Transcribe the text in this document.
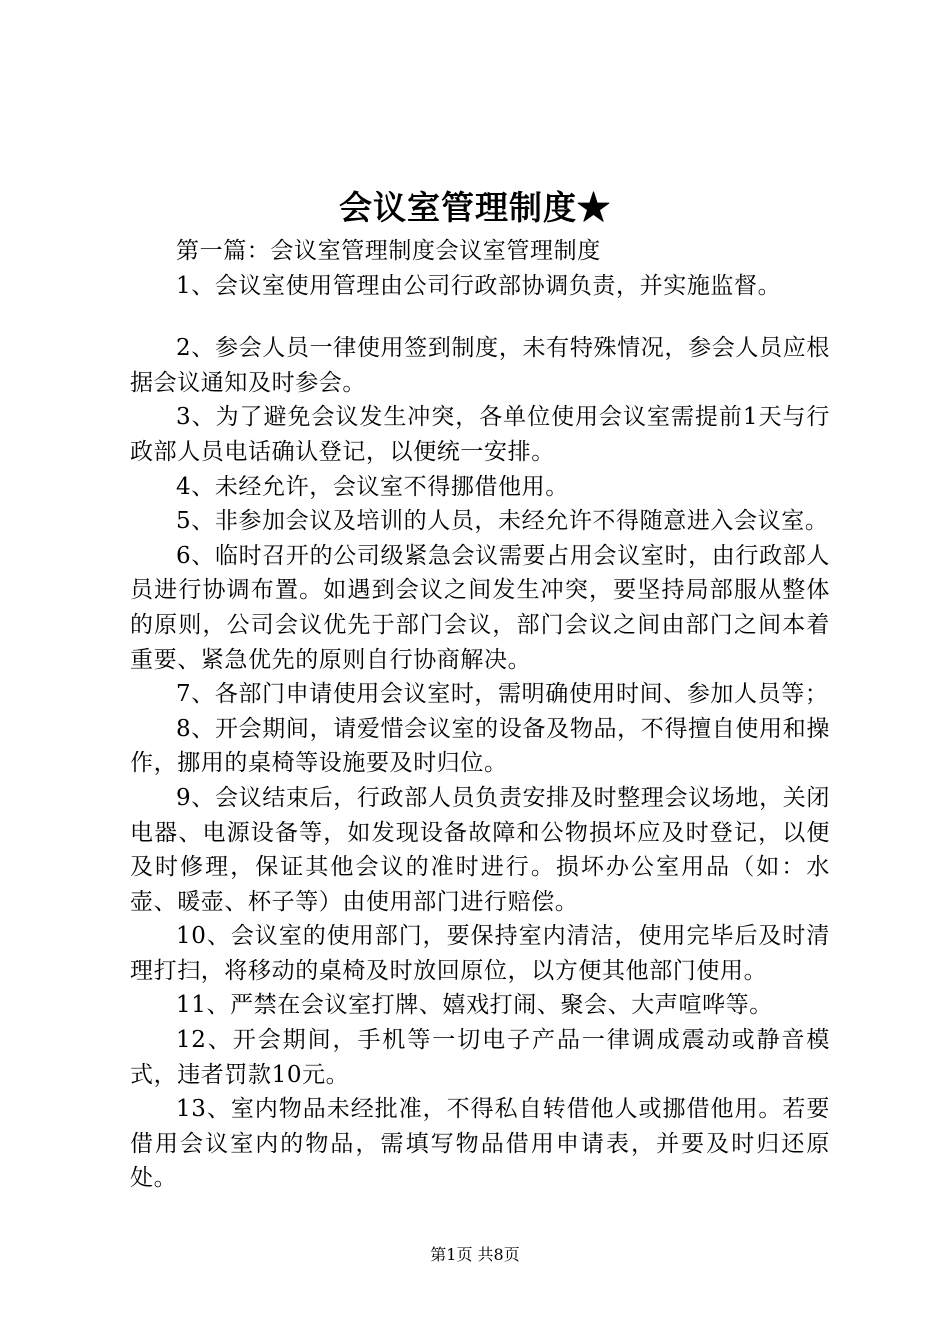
会议室管理制度★

第一篇：会议室管理制度会议室管理制度

1、会议室使用管理由公司行政部协调负责，并实施监督。

2、参会人员一律使用签到制度，未有特殊情况，参会人员应根据会议通知及时参会。

3、为了避免会议发生冲突，各单位使用会议室需提前1天与行政部人员电话确认登记，以便统一安排。

4、未经允许，会议室不得挪借他用。

5、非参加会议及培训的人员，未经允许不得随意进入会议室。

6、临时召开的公司级紧急会议需要占用会议室时，由行政部人员进行协调布置。如遇到会议之间发生冲突，要坚持局部服从整体的原则，公司会议优先于部门会议，部门会议之间由部门之间本着重要、紧急优先的原则自行协商解决。

7、各部门申请使用会议室时，需明确使用时间、参加人员等；

8、开会期间，请爱惜会议室的设备及物品，不得擅自使用和操作，挪用的桌椅等设施要及时归位。

9、会议结束后，行政部人员负责安排及时整理会议场地，关闭电器、电源设备等，如发现设备故障和公物损坏应及时登记，以便及时修理，保证其他会议的准时进行。损坏办公室用品（如：水壶、暖壶、杯子等）由使用部门进行赔偿。

10、会议室的使用部门，要保持室内清洁，使用完毕后及时清理打扫，将移动的桌椅及时放回原位，以方便其他部门使用。

11、严禁在会议室打牌、嬉戏打闹、聚会、大声喧哗等。

12、开会期间，手机等一切电子产品一律调成震动或静音模式，违者罚款10元。

13、室内物品未经批准，不得私自转借他人或挪借他用。若要借用会议室内的物品，需填写物品借用申请表，并要及时归还原处。

第1页 共8页
